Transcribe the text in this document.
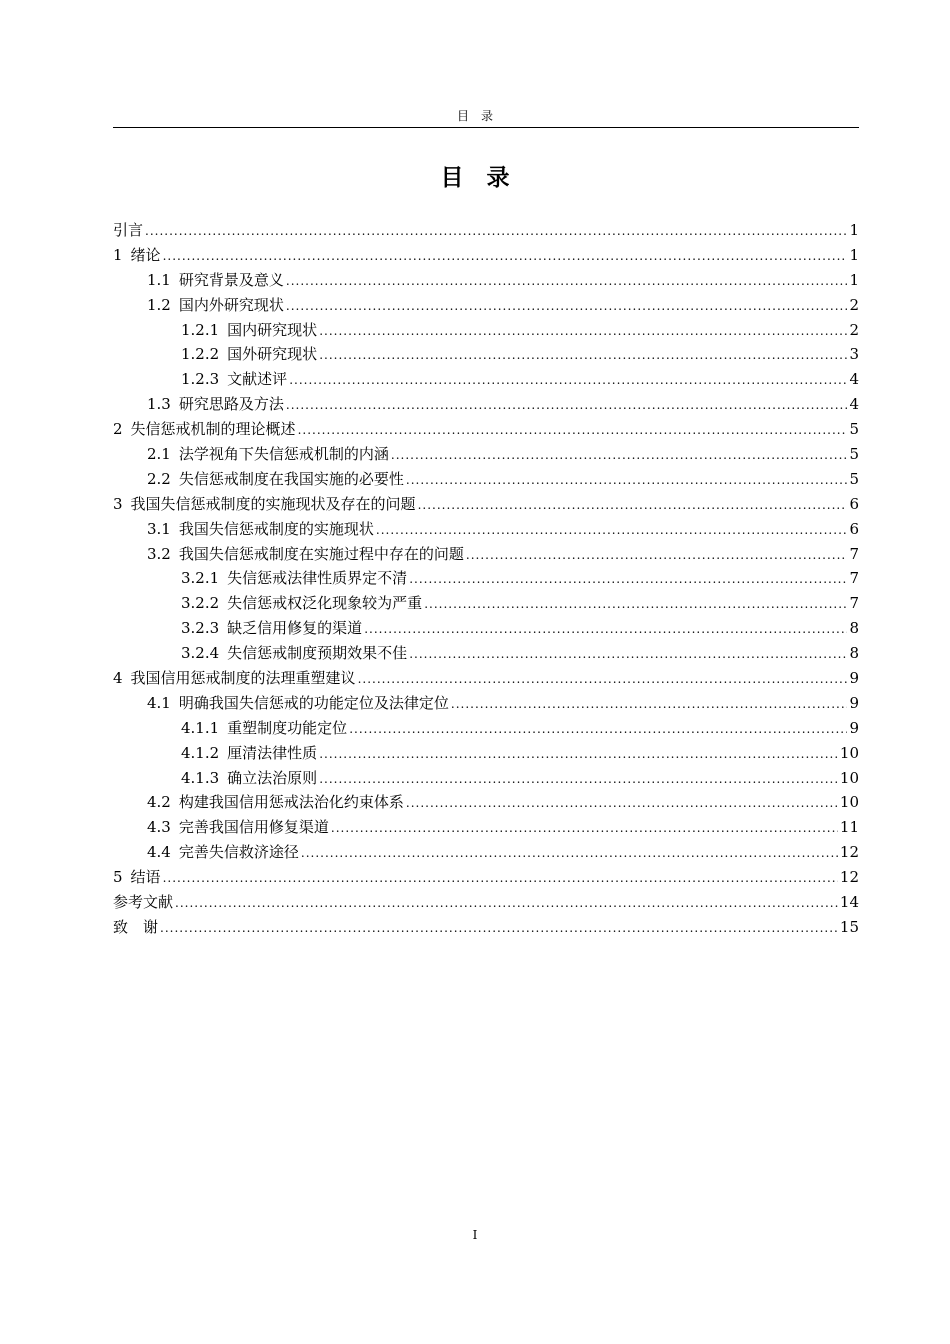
目　录
目　录
引言 .....	1
1 绪论 .....	1
1.1 研究背景及意义 .....	1
1.2 国内外研究现状 .....	2
1.2.1 国内研究现状 .....	2
1.2.2 国外研究现状 .....	3
1.2.3 文献述评 .....	4
1.3 研究思路及方法 .....	4
2 失信惩戒机制的理论概述 .....	5
2.1 法学视角下失信惩戒机制的内涵 .....	5
2.2 失信惩戒制度在我国实施的必要性 .....	5
3 我国失信惩戒制度的实施现状及存在的问题 .....	6
3.1 我国失信惩戒制度的实施现状 .....	6
3.2 我国失信惩戒制度在实施过程中存在的问题 .....	7
3.2.1 失信惩戒法律性质界定不清 .....	7
3.2.2 失信惩戒权泛化现象较为严重 .....	7
3.2.3 缺乏信用修复的渠道 .....	8
3.2.4 失信惩戒制度预期效果不佳 .....	8
4 我国信用惩戒制度的法理重塑建议 .....	9
4.1 明确我国失信惩戒的功能定位及法律定位 .....	9
4.1.1 重塑制度功能定位 .....	9
4.1.2 厘清法律性质 .....	10
4.1.3 确立法治原则 .....	10
4.2 构建我国信用惩戒法治化约束体系 .....	10
4.3 完善我国信用修复渠道 .....	11
4.4 完善失信救济途径 .....	12
5 结语 .....	12
参考文献 .....	14
致　谢 .....	15
I
